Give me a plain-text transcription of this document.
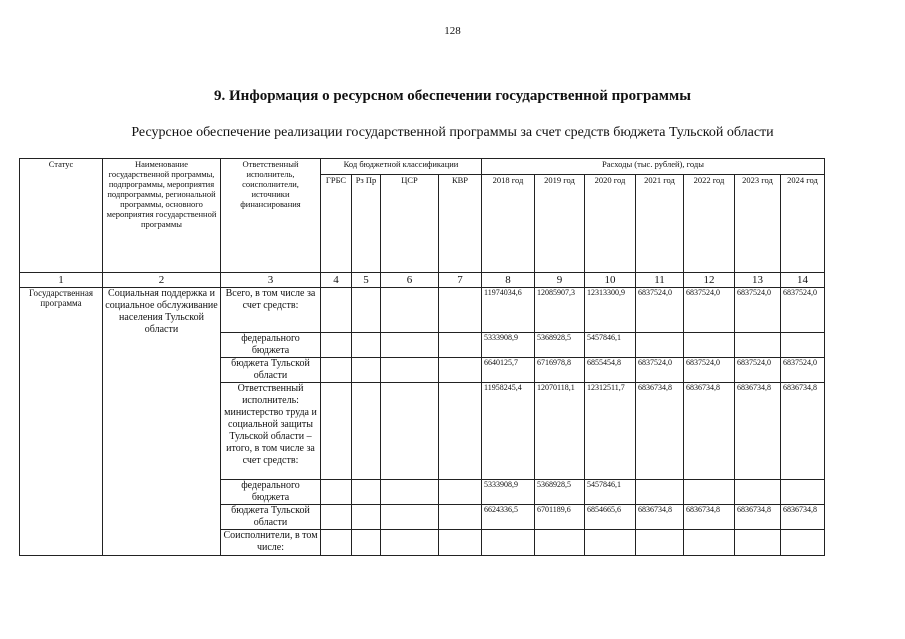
128
9. Информация о ресурсном обеспечении государственной программы
Ресурсное обеспечение реализации государственной программы за счет средств бюджета Тульской области
Статус	Наименование государственной программы, подпрограммы, мероприятия подпрограммы, региональной программы, основного мероприятия государственной программы	Ответственный исполнитель, соисполнители, источники финансирования	Код бюджетной классификации				Расходы (тыс. рублей), годы						
			ГРБС	Рз Пр	ЦСР	КВР	2018 год	2019 год	2020 год	2021 год	2022 год	2023 год	2024 год
1	2	3	4	5	6	7	8	9	10	11	12	13	14
Государственная программа	Социальная поддержка и социальное обслуживание населения Тульской области	Всего, в том числе за счет средств:					11974034,6	12085907,3	12313300,9	6837524,0	6837524,0	6837524,0	6837524,0
		федерального бюджета					5333908,9	5368928,5	5457846,1				
		бюджета Тульской области					6640125,7	6716978,8	6855454,8	6837524,0	6837524,0	6837524,0	6837524,0
		Ответственный исполнитель: министерство труда и социальной защиты Тульской области – итого, в том числе за счет средств:					11958245,4	12070118,1	12312511,7	6836734,8	6836734,8	6836734,8	6836734,8
		федерального бюджета					5333908,9	5368928,5	5457846,1				
		бюджета Тульской области					6624336,5	6701189,6	6854665,6	6836734,8	6836734,8	6836734,8	6836734,8
		Соисполнители, в том числе:											
